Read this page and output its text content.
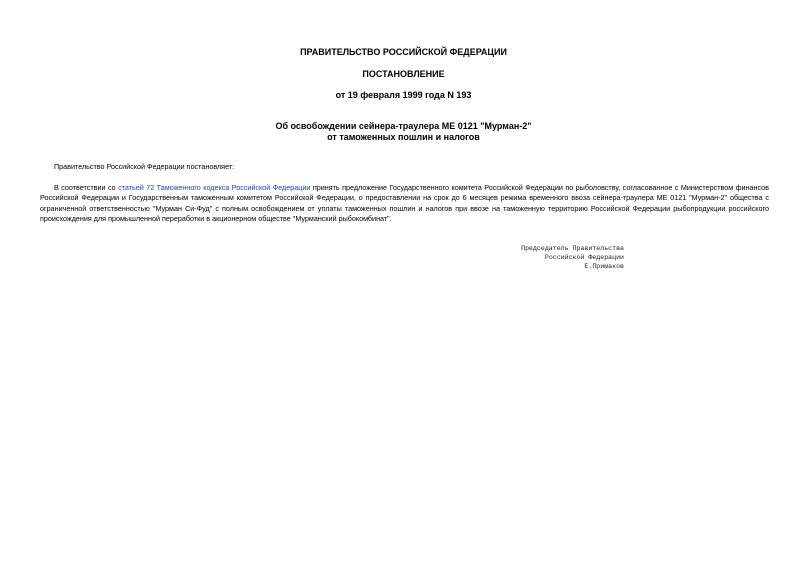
ПРАВИТЕЛЬСТВО РОССИЙСКОЙ ФЕДЕРАЦИИ
ПОСТАНОВЛЕНИЕ
от 19 февраля 1999 года N 193
Об освобождении сейнера-траулера МЕ 0121 "Мурман-2"
от таможенных пошлин и налогов

Правительство Российской Федерации постановляет:

В соответствии со статьей 72 Таможенного кодекса Российской Федерации принять предложение Государственного комитета Российской Федерации по рыболовству, согласованное с Министерством финансов Российской Федерации и Государственным таможенным комитетом Российской Федерации, о предоставлении на срок до 6 месяцев режима временного ввоза сейнера-траулера МЕ 0121 "Мурман-2" общества с ограниченной ответственностью "Мурман Си-Фуд" с полным освобождением от уплаты таможенных пошлин и налогов при ввозе на таможенную территорию Российской Федерации рыбопродукции российского происхождения для промышленной переработки в акционерном обществе "Мурманский рыбокомбинат".

Председатель Правительства
Российской Федерации
Е.Примаков
